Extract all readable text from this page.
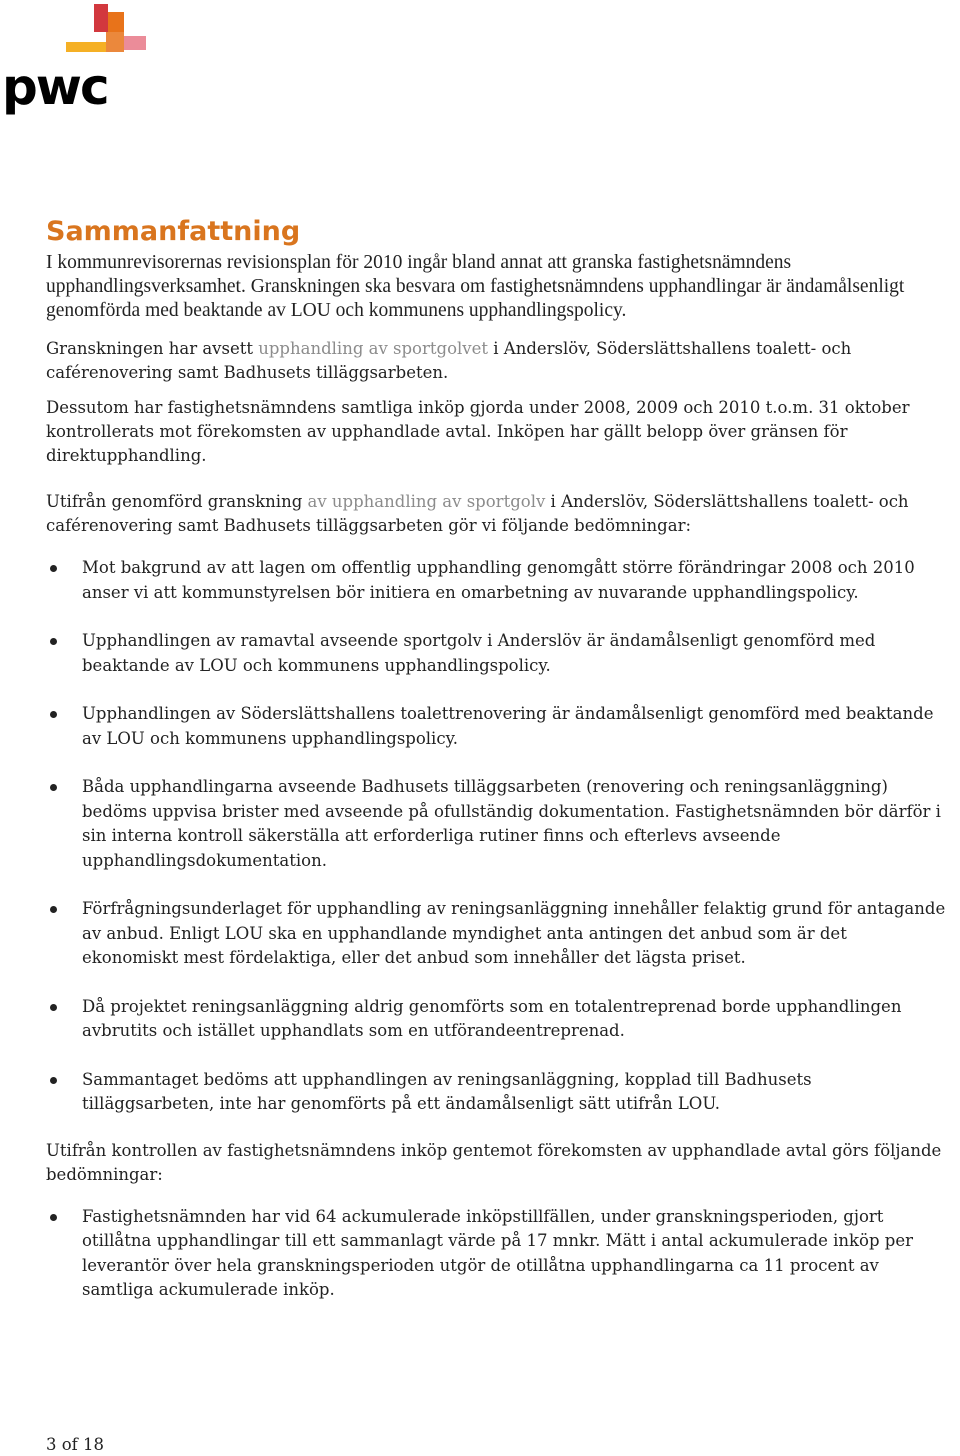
pwc
Sammanfattning

I kommunrevisorernas revisionsplan för 2010 ingår bland annat att granska fastighetsnämndens upphandlingsverksamhet. Granskningen ska besvara om fastighetsnämndens upphandlingar är ändamålsenligt genomförda med beaktande av LOU och kommunens upphandlingspolicy.

Granskningen har avsett upphandling av sportgolvet i Anderslöv, Söderslättshallens toalett- och caférenovering samt Badhusets tilläggsarbeten.

Dessutom har fastighetsnämndens samtliga inköp gjorda under 2008, 2009 och 2010 t.o.m. 31 oktober kontrollerats mot förekomsten av upphandlade avtal. Inköpen har gällt belopp över gränsen för direktupphandling.

Utifrån genomförd granskning av upphandling av sportgolv i Anderslöv, Söderslättshallens toalett- och caférenovering samt Badhusets tilläggsarbeten gör vi följande bedömningar:

Mot bakgrund av att lagen om offentlig upphandling genomgått större förändringar 2008 och 2010 anser vi att kommunstyrelsen bör initiera en omarbetning av nuvarande upphandlingspolicy.
Upphandlingen av ramavtal avseende sportgolv i Anderslöv är ändamålsenligt genomförd med beaktande av LOU och kommunens upphandlingspolicy.
Upphandlingen av Söderslättshallens toalettrenovering är ändamålsenligt genomförd med beaktande av LOU och kommunens upphandlingspolicy.
Båda upphandlingarna avseende Badhusets tilläggsarbeten (renovering och reningsanläggning) bedöms uppvisa brister med avseende på ofullständig dokumentation. Fastighetsnämnden bör därför i sin interna kontroll säkerställa att erforderliga rutiner finns och efterlevs avseende upphandlingsdokumentation.
Förfrågningsunderlaget för upphandling av reningsanläggning innehåller felaktig grund för antagande av anbud. Enligt LOU ska en upphandlande myndighet anta antingen det anbud som är det ekonomiskt mest fördelaktiga, eller det anbud som innehåller det lägsta priset.
Då projektet reningsanläggning aldrig genomförts som en totalentreprenad borde upphandlingen avbrutits och istället upphandlats som en utförandeentreprenad.
Sammantaget bedöms att upphandlingen av reningsanläggning, kopplad till Badhusets tilläggsarbeten, inte har genomförts på ett ändamålsenligt sätt utifrån LOU.

Utifrån kontrollen av fastighetsnämndens inköp gentemot förekomsten av upphandlade avtal görs följande bedömningar:

Fastighetsnämnden har vid 64 ackumulerade inköpstillfällen, under granskningsperioden, gjort otillåtna upphandlingar till ett sammanlagt värde på 17 mnkr. Mätt i antal ackumulerade inköp per leverantör över hela granskningsperioden utgör de otillåtna upphandlingarna ca 11 procent av samtliga ackumulerade inköp.
3 of 18
